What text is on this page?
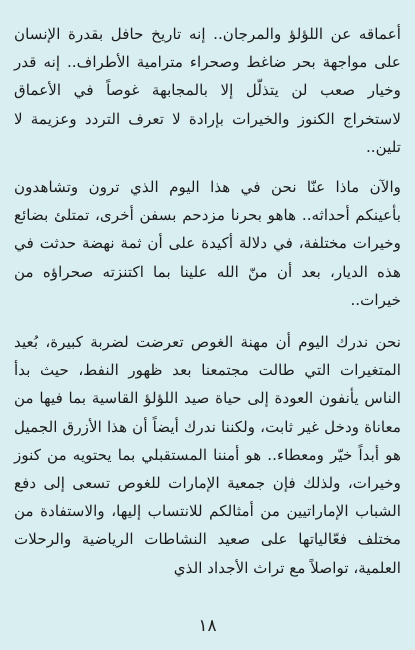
أعماقه عن اللؤلؤ والمرجان.. إنه تاريخ حافل بقدرة الإنسان على مواجهة بحر ضاغط وصحراء مترامية الأطراف.. إنه قدر وخيار صعب لن يتذلّل إلا بالمجابهة غوصاً في الأعماق لاستخراج الكنوز والخيرات بإرادة لا تعرف التردد وعزيمة لا تلين..

والآن ماذا عنّا نحن في هذا اليوم الذي ترون وتشاهدون بأعينكم أحداثه.. هاهو بحرنا مزدحم بسفن أخرى، تمتلئ بضائع وخيرات مختلفة، في دلالة أكيدة على أن ثمة نهضة حدثت في هذه الديار، بعد أن منّ الله علينا بما اكتنزته صحراؤه من خيرات..

نحن ندرك اليوم أن مهنة الغوص تعرضت لضربة كبيرة، بُعيد المتغيرات التي طالت مجتمعنا بعد ظهور النفط، حيث بدأ الناس يأنفون العودة إلى حياة صيد اللؤلؤ القاسية بما فيها من معاناة ودخل غير ثابت، ولكننا ندرك أيضاً أن هذا الأزرق الجميل هو أبداً خيّر ومعطاء.. هو أمننا المستقبلي بما يحتويه من كنوز وخيرات، ولذلك فإن جمعية الإمارات للغوص تسعى إلى دفع الشباب الإماراتيين من أمثالكم للانتساب إليها، والاستفادة من مختلف فعّالياتها على صعيد النشاطات الرياضية والرحلات العلمية، تواصلاً مع تراث الأجداد الذي

١٨
